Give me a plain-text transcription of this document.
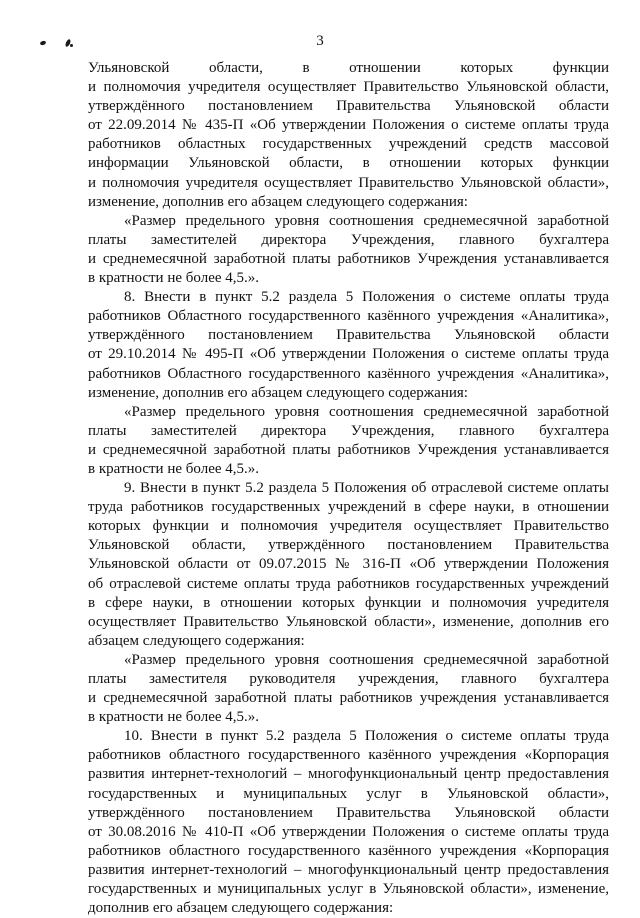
3

Ульяновской области, в отношении которых функции

и полномочия учредителя осуществляет Правительство Ульяновской области,

утверждённого постановлением Правительства Ульяновской области

от 22.09.2014 № 435-П «Об утверждении Положения о системе оплаты труда

работников областных государственных учреждений средств массовой

информации Ульяновской области, в отношении которых функции

и полномочия учредителя осуществляет Правительство Ульяновской области»,

изменение, дополнив его абзацем следующего содержания:

«Размер предельного уровня соотношения среднемесячной заработной

платы заместителей директора Учреждения, главного бухгалтера

и среднемесячной заработной платы работников Учреждения устанавливается

в кратности не более 4,5.».

8. Внести в пункт 5.2 раздела 5 Положения о системе оплаты труда

работников Областного государственного казённого учреждения «Аналитика»,

утверждённого постановлением Правительства Ульяновской области

от 29.10.2014 № 495-П «Об утверждении Положения о системе оплаты труда

работников Областного государственного казённого учреждения «Аналитика»,

изменение, дополнив его абзацем следующего содержания:

«Размер предельного уровня соотношения среднемесячной заработной

платы заместителей директора Учреждения, главного бухгалтера

и среднемесячной заработной платы работников Учреждения устанавливается

в кратности не более 4,5.».

9. Внести в пункт 5.2 раздела 5 Положения об отраслевой системе оплаты

труда работников государственных учреждений в сфере науки, в отношении

которых функции и полномочия учредителя осуществляет Правительство

Ульяновской области, утверждённого постановлением Правительства

Ульяновской области от 09.07.2015 № 316-П «Об утверждении Положения

об отраслевой системе оплаты труда работников государственных учреждений

в сфере науки, в отношении которых функции и полномочия учредителя

осуществляет Правительство Ульяновской области», изменение, дополнив его

абзацем следующего содержания:

«Размер предельного уровня соотношения среднемесячной заработной

платы заместителя руководителя учреждения, главного бухгалтера

и среднемесячной заработной платы работников учреждения устанавливается

в кратности не более 4,5.».

10. Внести в пункт 5.2 раздела 5 Положения о системе оплаты труда

работников областного государственного казённого учреждения «Корпорация

развития интернет-технологий – многофункциональный центр предоставления

государственных и муниципальных услуг в Ульяновской области»,

утверждённого постановлением Правительства Ульяновской области

от 30.08.2016 № 410-П «Об утверждении Положения о системе оплаты труда

работников областного государственного казённого учреждения «Корпорация

развития интернет-технологий – многофункциональный центр предоставления

государственных и муниципальных услуг в Ульяновской области», изменение,

дополнив его абзацем следующего содержания:
